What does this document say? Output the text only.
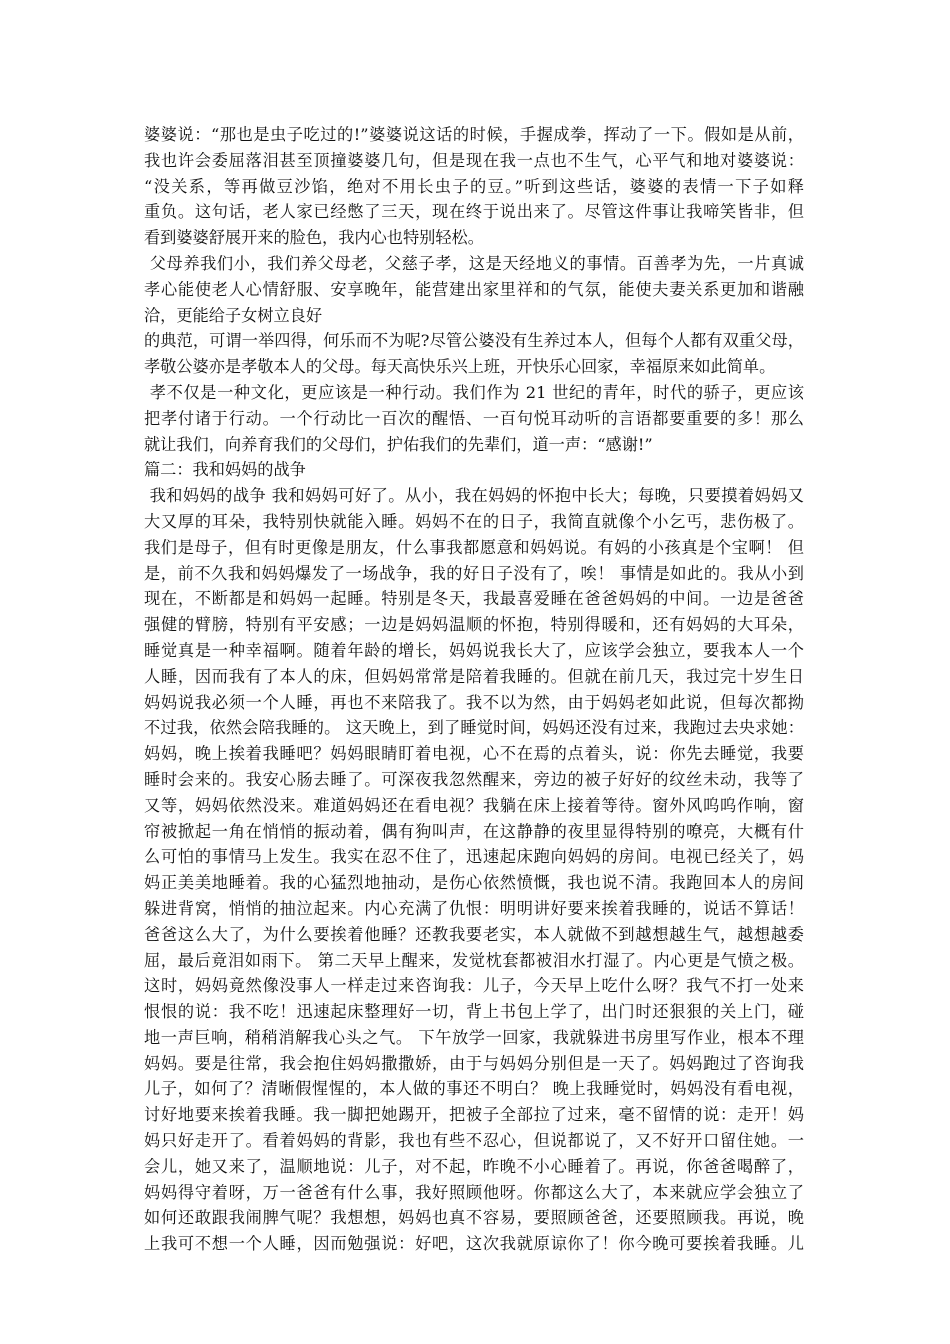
婆婆说：“那也是虫子吃过的!”婆婆说这话的时候，手握成拳，挥动了一下。假如是从前，
我也许会委屈落泪甚至顶撞婆婆几句，但是现在我一点也不生气，心平气和地对婆婆说：
“没关系，等再做豆沙馅，绝对不用长虫子的豆。”听到这些话，婆婆的表情一下子如释
重负。这句话，老人家已经憋了三天，现在终于说出来了。尽管这件事让我啼笑皆非，但
看到婆婆舒展开来的脸色，我内心也特别轻松。
父母养我们小，我们养父母老，父慈子孝，这是天经地义的事情。百善孝为先，一片真诚
孝心能使老人心情舒服、安享晚年，能营建出家里祥和的气氛，能使夫妻关系更加和谐融
洽，更能给子女树立良好
的典范，可谓一举四得，何乐而不为呢?尽管公婆没有生养过本人，但每个人都有双重父母，
孝敬公婆亦是孝敬本人的父母。每天高快乐兴上班，开快乐心回家，幸福原来如此简单。
孝不仅是一种文化，更应该是一种行动。我们作为 21 世纪的青年，时代的骄子，更应该
把孝付诸于行动。一个行动比一百次的醒悟、一百句悦耳动听的言语都要重要的多！那么
就让我们，向养育我们的父母们，护佑我们的先辈们，道一声：“感谢!”
篇二：我和妈妈的战争
我和妈妈的战争 我和妈妈可好了。从小，我在妈妈的怀抱中长大；每晚，只要摸着妈妈又
大又厚的耳朵，我特别快就能入睡。妈妈不在的日子，我简直就像个小乞丐，悲伤极了。
我们是母子，但有时更像是朋友，什么事我都愿意和妈妈说。有妈的小孩真是个宝啊！ 但
是，前不久我和妈妈爆发了一场战争，我的好日子没有了，唉！ 事情是如此的。我从小到
现在，不断都是和妈妈一起睡。特别是冬天，我最喜爱睡在爸爸妈妈的中间。一边是爸爸
强健的臂膀，特别有平安感；一边是妈妈温顺的怀抱，特别得暖和，还有妈妈的大耳朵，
睡觉真是一种幸福啊。随着年龄的增长，妈妈说我长大了，应该学会独立，要我本人一个
人睡，因而我有了本人的床，但妈妈常常是陪着我睡的。但就在前几天，我过完十岁生日
妈妈说我必须一个人睡，再也不来陪我了。我不以为然，由于妈妈老如此说，但每次都拗
不过我，依然会陪我睡的。 这天晚上，到了睡觉时间，妈妈还没有过来，我跑过去央求她：
妈妈，晚上挨着我睡吧？妈妈眼睛盯着电视，心不在焉的点着头，说：你先去睡觉，我要
睡时会来的。我安心肠去睡了。可深夜我忽然醒来，旁边的被子好好的纹丝未动，我等了
又等，妈妈依然没来。难道妈妈还在看电视？我躺在床上接着等待。窗外风呜呜作响，窗
帘被掀起一角在悄悄的振动着，偶有狗叫声，在这静静的夜里显得特别的嘹亮，大概有什
么可怕的事情马上发生。我实在忍不住了，迅速起床跑向妈妈的房间。电视已经关了，妈
妈正美美地睡着。我的心猛烈地抽动，是伤心依然愤慨，我也说不清。我跑回本人的房间
躲进背窝，悄悄的抽泣起来。内心充满了仇恨：明明讲好要来挨着我睡的，说话不算话！
爸爸这么大了，为什么要挨着他睡？还教我要老实，本人就做不到越想越生气，越想越委
屈，最后竟泪如雨下。 第二天早上醒来，发觉枕套都被泪水打湿了。内心更是气愤之极。
这时，妈妈竟然像没事人一样走过来咨询我：儿子，今天早上吃什么呀？我气不打一处来
恨恨的说：我不吃！迅速起床整理好一切，背上书包上学了，出门时还狠狠的关上门，碰
地一声巨响，稍稍消解我心头之气。 下午放学一回家，我就躲进书房里写作业，根本不理
妈妈。要是往常，我会抱住妈妈撒撒娇，由于与妈妈分别但是一天了。妈妈跑过了咨询我
儿子，如何了？清晰假惺惺的，本人做的事还不明白？ 晚上我睡觉时，妈妈没有看电视，
讨好地要来挨着我睡。我一脚把她踢开，把被子全部拉了过来，毫不留情的说：走开！妈
妈只好走开了。看着妈妈的背影，我也有些不忍心，但说都说了，又不好开口留住她。一
会儿，她又来了，温顺地说：儿子，对不起，昨晚不小心睡着了。再说，你爸爸喝醉了，
妈妈得守着呀，万一爸爸有什么事，我好照顾他呀。你都这么大了，本来就应学会独立了
如何还敢跟我闹脾气呢？我想想，妈妈也真不容易，要照顾爸爸，还要照顾我。再说，晚
上我可不想一个人睡，因而勉强说：好吧，这次我就原谅你了！你今晚可要挨着我睡。儿
